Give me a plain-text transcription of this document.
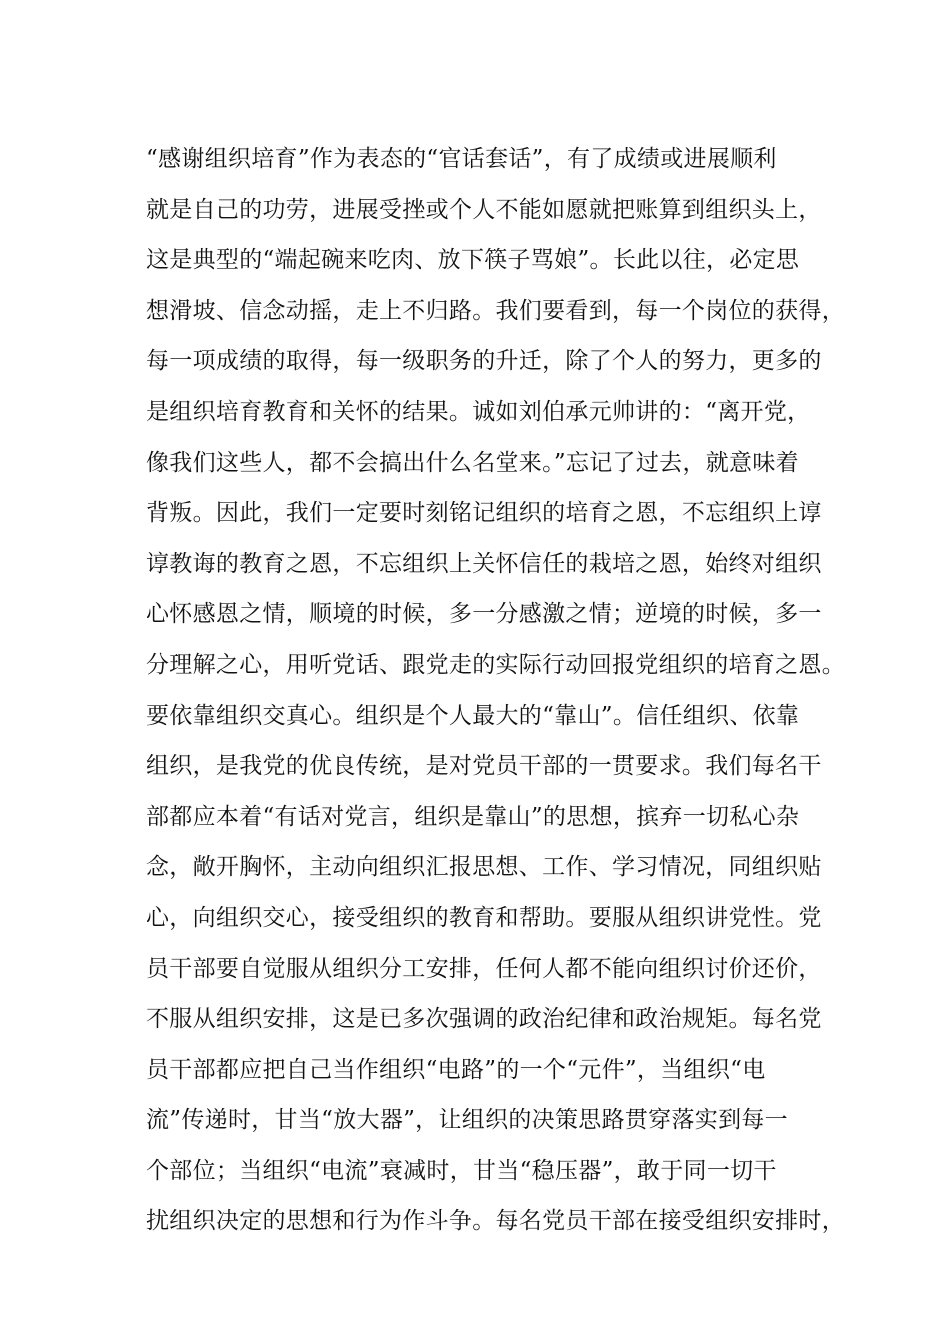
“感谢组织培育”作为表态的“官话套话”，有了成绩或进展顺利
就是自己的功劳，进展受挫或个人不能如愿就把账算到组织头上，
这是典型的“端起碗来吃肉、放下筷子骂娘”。长此以往，必定思
想滑坡、信念动摇，走上不归路。我们要看到，每一个岗位的获得，
每一项成绩的取得，每一级职务的升迁，除了个人的努力，更多的
是组织培育教育和关怀的结果。诚如刘伯承元帅讲的：“离开党，
像我们这些人，都不会搞出什么名堂来。”忘记了过去，就意味着
背叛。因此，我们一定要时刻铭记组织的培育之恩，不忘组织上谆
谆教诲的教育之恩，不忘组织上关怀信任的栽培之恩，始终对组织
心怀感恩之情，顺境的时候，多一分感激之情；逆境的时候，多一
分理解之心，用听党话、跟党走的实际行动回报党组织的培育之恩。
要依靠组织交真心。组织是个人最大的“靠山”。信任组织、依靠
组织，是我党的优良传统，是对党员干部的一贯要求。我们每名干
部都应本着“有话对党言，组织是靠山”的思想，摈弃一切私心杂
念，敞开胸怀，主动向组织汇报思想、工作、学习情况，同组织贴
心，向组织交心，接受组织的教育和帮助。要服从组织讲党性。党
员干部要自觉服从组织分工安排，任何人都不能向组织讨价还价，
不服从组织安排，这是已多次强调的政治纪律和政治规矩。每名党
员干部都应把自己当作组织“电路”的一个“元件”，当组织“电
流”传递时，甘当“放大器”，让组织的决策思路贯穿落实到每一
个部位；当组织“电流”衰减时，甘当“稳压器”，敢于同一切干
扰组织决定的思想和行为作斗争。每名党员干部在接受组织安排时，
